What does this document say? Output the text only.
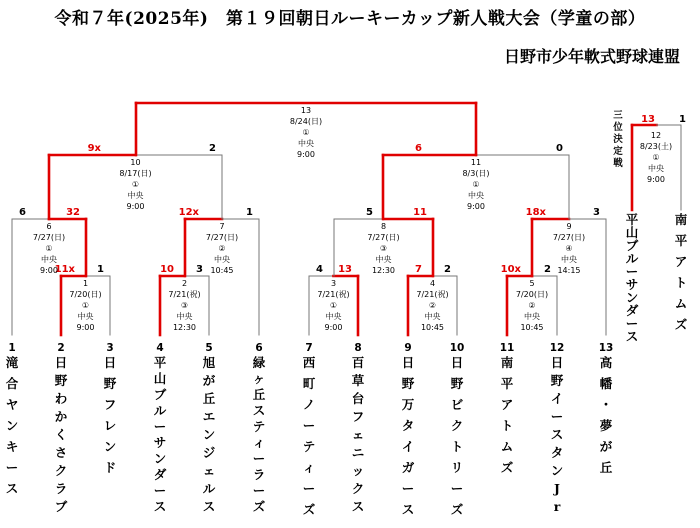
令和７年(2025年)　第１９回朝日ルーキーカップ新人戦大会（学童の部）
日野市少年軟式野球連盟
三
位
決
定
戦
1
7/20(日)
①
中央
9:00
11x 1
2
7/21(祝)
③
中央
12:30
10 3
3
7/21(祝)
①
中央
9:00
4 13
4
7/21(祝)
②
中央
10:45
7 2
5
7/20(日)
②
中央
10:45
10x 2
6
7/27(日)
①
中央
9:00
6	32
7
7/27(日)
②
中央
10:45
12x	1
8
7/27(日)
③
中央
12:30
5	11
9
7/27(日)
④
中央
14:15
18x	3
10
8/17(日)
①
中央
9:00
9x	2
11
8/3(日)
①
中央
9:00
6	0
13
8/24(日)
①
中央
9:00
12
8/23(土)
①
中央
9:00
13 1
1
滝
合
ヤ
ン
キ
ー
ス
2
日
野
わ
か
く
さ
ク
ラ
ブ
3
日
野
フ
レ
ン
ド
4
平
山
ブ
ル
ー
サ
ン
ダ
ー
ス
5
旭
が
丘
エ
ン
ジ
ェ
ル
ス
6
緑
ヶ
丘
ス
テ
ィ
ー
ラ
ー
ズ
7
西
町
ノ
ー
テ
ィ
ー
ズ
8
百
草
台
フ
ェ
ニ
ッ
ク
ス
9
日
野
万
タ
イ
ガ
ー
ス
10
日
野
ビ
ク
ト
リ
ー
ズ
11
南
平
ア
ト
ム
ズ
12
日
野
イ
ー
ス
タ
ン
J
r
13
高
幡
・
夢
が
丘
平
山
ブ
ル
ー
サ
ン
ダ
ー
ス
南
平
ア
ト
ム
ズ
